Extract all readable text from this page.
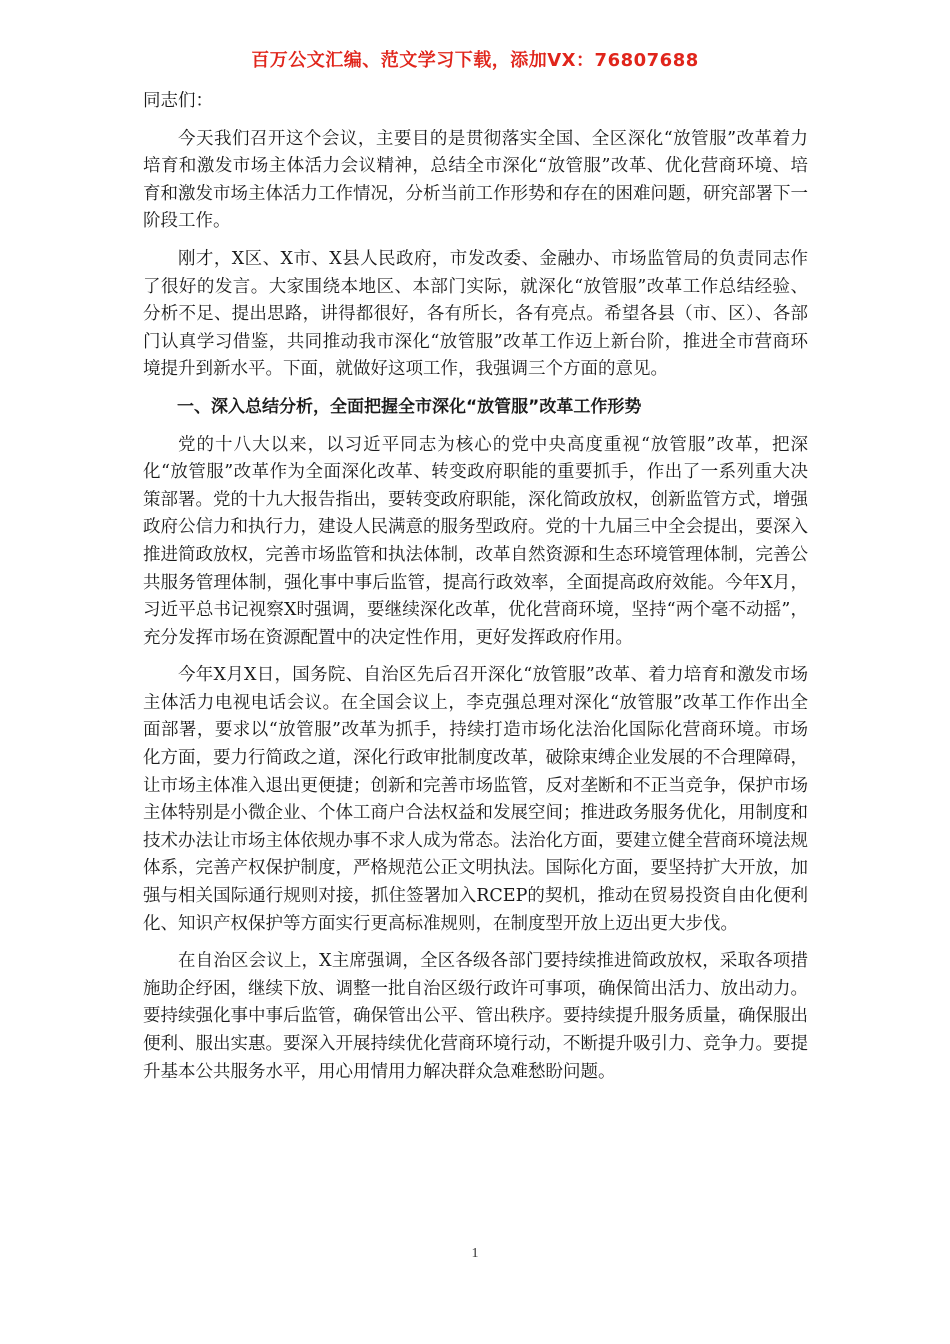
百万公文汇编、范文学习下载，添加VX：76807688

同志们：

今天我们召开这个会议，主要目的是贯彻落实全国、全区深化“放管服”改革着力培育和激发市场主体活力会议精神，总结全市深化“放管服”改革、优化营商环境、培育和激发市场主体活力工作情况，分析当前工作形势和存在的困难问题，研究部署下一阶段工作。

刚才，X区、X市、X县人民政府，市发改委、金融办、市场监管局的负责同志作了很好的发言。大家围绕本地区、本部门实际，就深化“放管服”改革工作总结经验、分析不足、提出思路，讲得都很好，各有所长，各有亮点。希望各县（市、区）、各部门认真学习借鉴，共同推动我市深化“放管服”改革工作迈上新台阶，推进全市营商环境提升到新水平。下面，就做好这项工作，我强调三个方面的意见。

一、深入总结分析，全面把握全市深化“放管服”改革工作形势

党的十八大以来，以习近平同志为核心的党中央高度重视“放管服”改革，把深化“放管服”改革作为全面深化改革、转变政府职能的重要抓手，作出了一系列重大决策部署。党的十九大报告指出，要转变政府职能，深化简政放权，创新监管方式，增强政府公信力和执行力，建设人民满意的服务型政府。党的十九届三中全会提出，要深入推进简政放权，完善市场监管和执法体制，改革自然资源和生态环境管理体制，完善公共服务管理体制，强化事中事后监管，提高行政效率，全面提高政府效能。今年X月，习近平总书记视察X时强调，要继续深化改革，优化营商环境，坚持“两个毫不动摇”，充分发挥市场在资源配置中的决定性作用，更好发挥政府作用。

今年X月X日，国务院、自治区先后召开深化“放管服”改革、着力培育和激发市场主体活力电视电话会议。在全国会议上，李克强总理对深化“放管服”改革工作作出全面部署，要求以“放管服”改革为抓手，持续打造市场化法治化国际化营商环境。市场化方面，要力行简政之道，深化行政审批制度改革，破除束缚企业发展的不合理障碍，让市场主体准入退出更便捷；创新和完善市场监管，反对垄断和不正当竞争，保护市场主体特别是小微企业、个体工商户合法权益和发展空间；推进政务服务优化，用制度和技术办法让市场主体依规办事不求人成为常态。法治化方面，要建立健全营商环境法规体系，完善产权保护制度，严格规范公正文明执法。国际化方面，要坚持扩大开放，加强与相关国际通行规则对接，抓住签署加入RCEP的契机，推动在贸易投资自由化便利化、知识产权保护等方面实行更高标准规则，在制度型开放上迈出更大步伐。

在自治区会议上，X主席强调，全区各级各部门要持续推进简政放权，采取各项措施助企纾困，继续下放、调整一批自治区级行政许可事项，确保简出活力、放出动力。要持续强化事中事后监管，确保管出公平、管出秩序。要持续提升服务质量，确保服出便利、服出实惠。要深入开展持续优化营商环境行动，不断提升吸引力、竞争力。要提升基本公共服务水平，用心用情用力解决群众急难愁盼问题。

1
